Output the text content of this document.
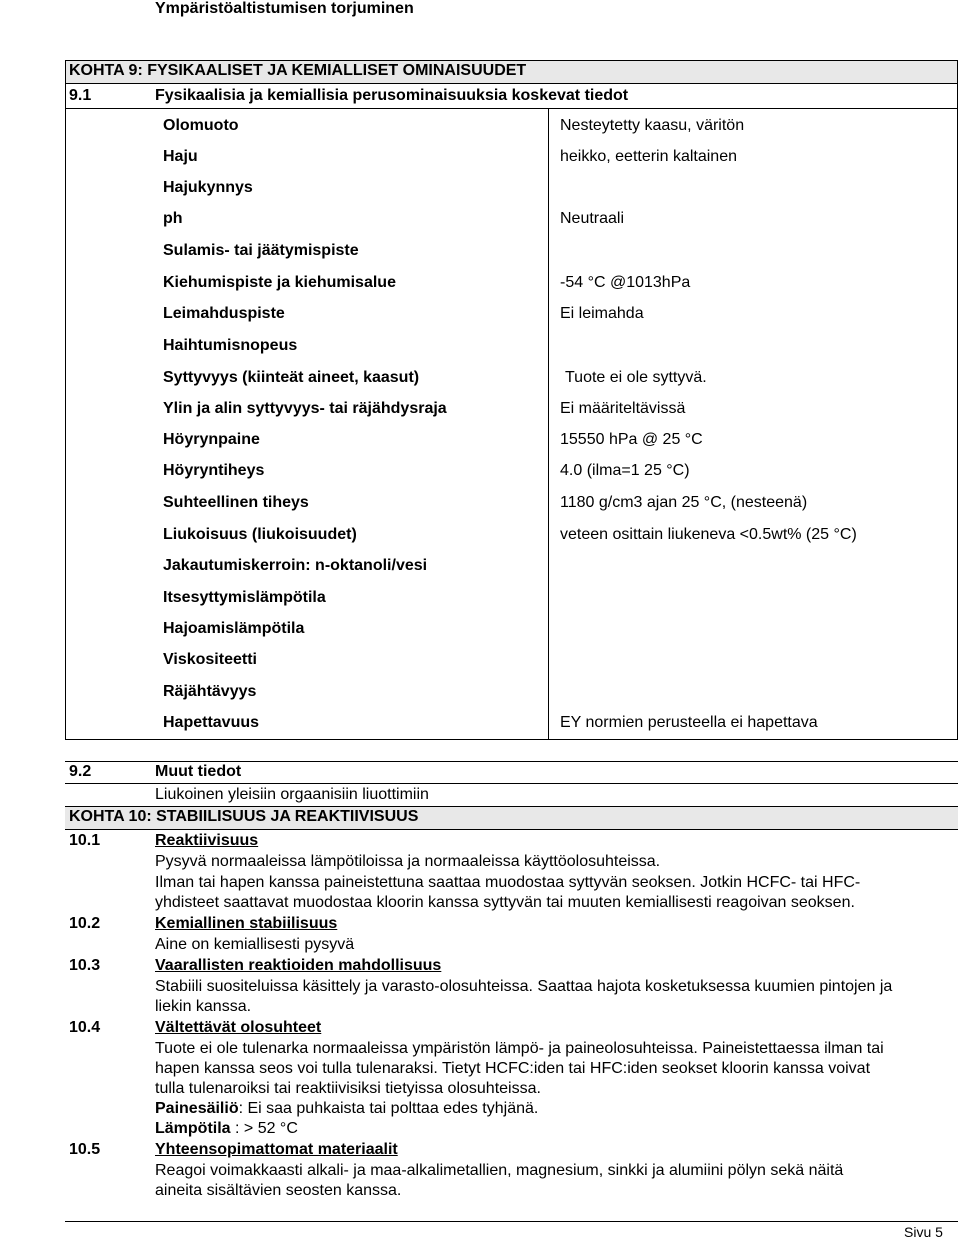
Ympäristöaltistumisen torjuminen
KOHTA 9: FYSIKAALISET JA KEMIALLISET OMINAISUUDET
9.1	Fysikaalisia ja kemiallisia perusominaisuuksia koskevat tiedot
Olomuoto	Nesteytetty kaasu, väritön
Haju	heikko, eetterin kaltainen
Hajukynnys
ph	Neutraali
Sulamis- tai jäätymispiste
Kiehumispiste ja kiehumisalue	-54 °C @1013hPa
Leimahduspiste	Ei leimahda
Haihtumisnopeus
Syttyvyys (kiinteät aineet, kaasut)	Tuote ei ole syttyvä.
Ylin ja alin syttyvyys- tai räjähdysraja	Ei määriteltävissä
Höyrynpaine	15550 hPa @ 25 °C
Höyryntiheys	4.0 (ilma=1 25 °C)
Suhteellinen tiheys	1180 g/cm3 ajan 25 °C, (nesteenä)
Liukoisuus (liukoisuudet)	veteen osittain liukeneva <0.5wt% (25 °C)
Jakautumiskerroin: n-oktanoli/vesi
Itsesyttymislämpötila
Hajoamislämpötila
Viskositeetti
Räjähtävyys
Hapettavuus	EY normien perusteella ei hapettava
9.2	Muut tiedot
Liukoinen yleisiin orgaanisiin liuottimiin
KOHTA 10: STABIILISUUS JA REAKTIIVISUUS
10.1	Reaktiivisuus
Pysyvä normaaleissa lämpötiloissa ja normaaleissa käyttöolosuhteissa.
Ilman tai hapen kanssa paineistettuna saattaa muodostaa syttyvän seoksen. Jotkin HCFC- tai HFC-
yhdisteet saattavat muodostaa kloorin kanssa syttyvän tai muuten kemiallisesti reagoivan seoksen.
10.2	Kemiallinen stabiilisuus
Aine on kemiallisesti pysyvä
10.3	Vaarallisten reaktioiden mahdollisuus
Stabiili suositeluissa käsittely ja varasto-olosuhteissa. Saattaa hajota kosketuksessa kuumien pintojen ja
liekin kanssa.
10.4	Vältettävät olosuhteet
Tuote ei ole tulenarka normaaleissa ympäristön lämpö- ja paineolosuhteissa. Paineistettaessa ilman tai
hapen kanssa seos voi tulla tulenaraksi. Tietyt HCFC:iden tai HFC:iden seokset kloorin kanssa voivat
tulla tulenaroiksi tai reaktiivisiksi tietyissa olosuhteissa.
Painesäiliö: Ei saa puhkaista tai polttaa edes tyhjänä.
Lämpötila : > 52 °C
10.5	Yhteensopimattomat materiaalit
Reagoi voimakkaasti alkali- ja maa-alkalimetallien, magnesium, sinkki ja alumiini pölyn sekä näitä
aineita sisältävien seosten kanssa.
Sivu 5
